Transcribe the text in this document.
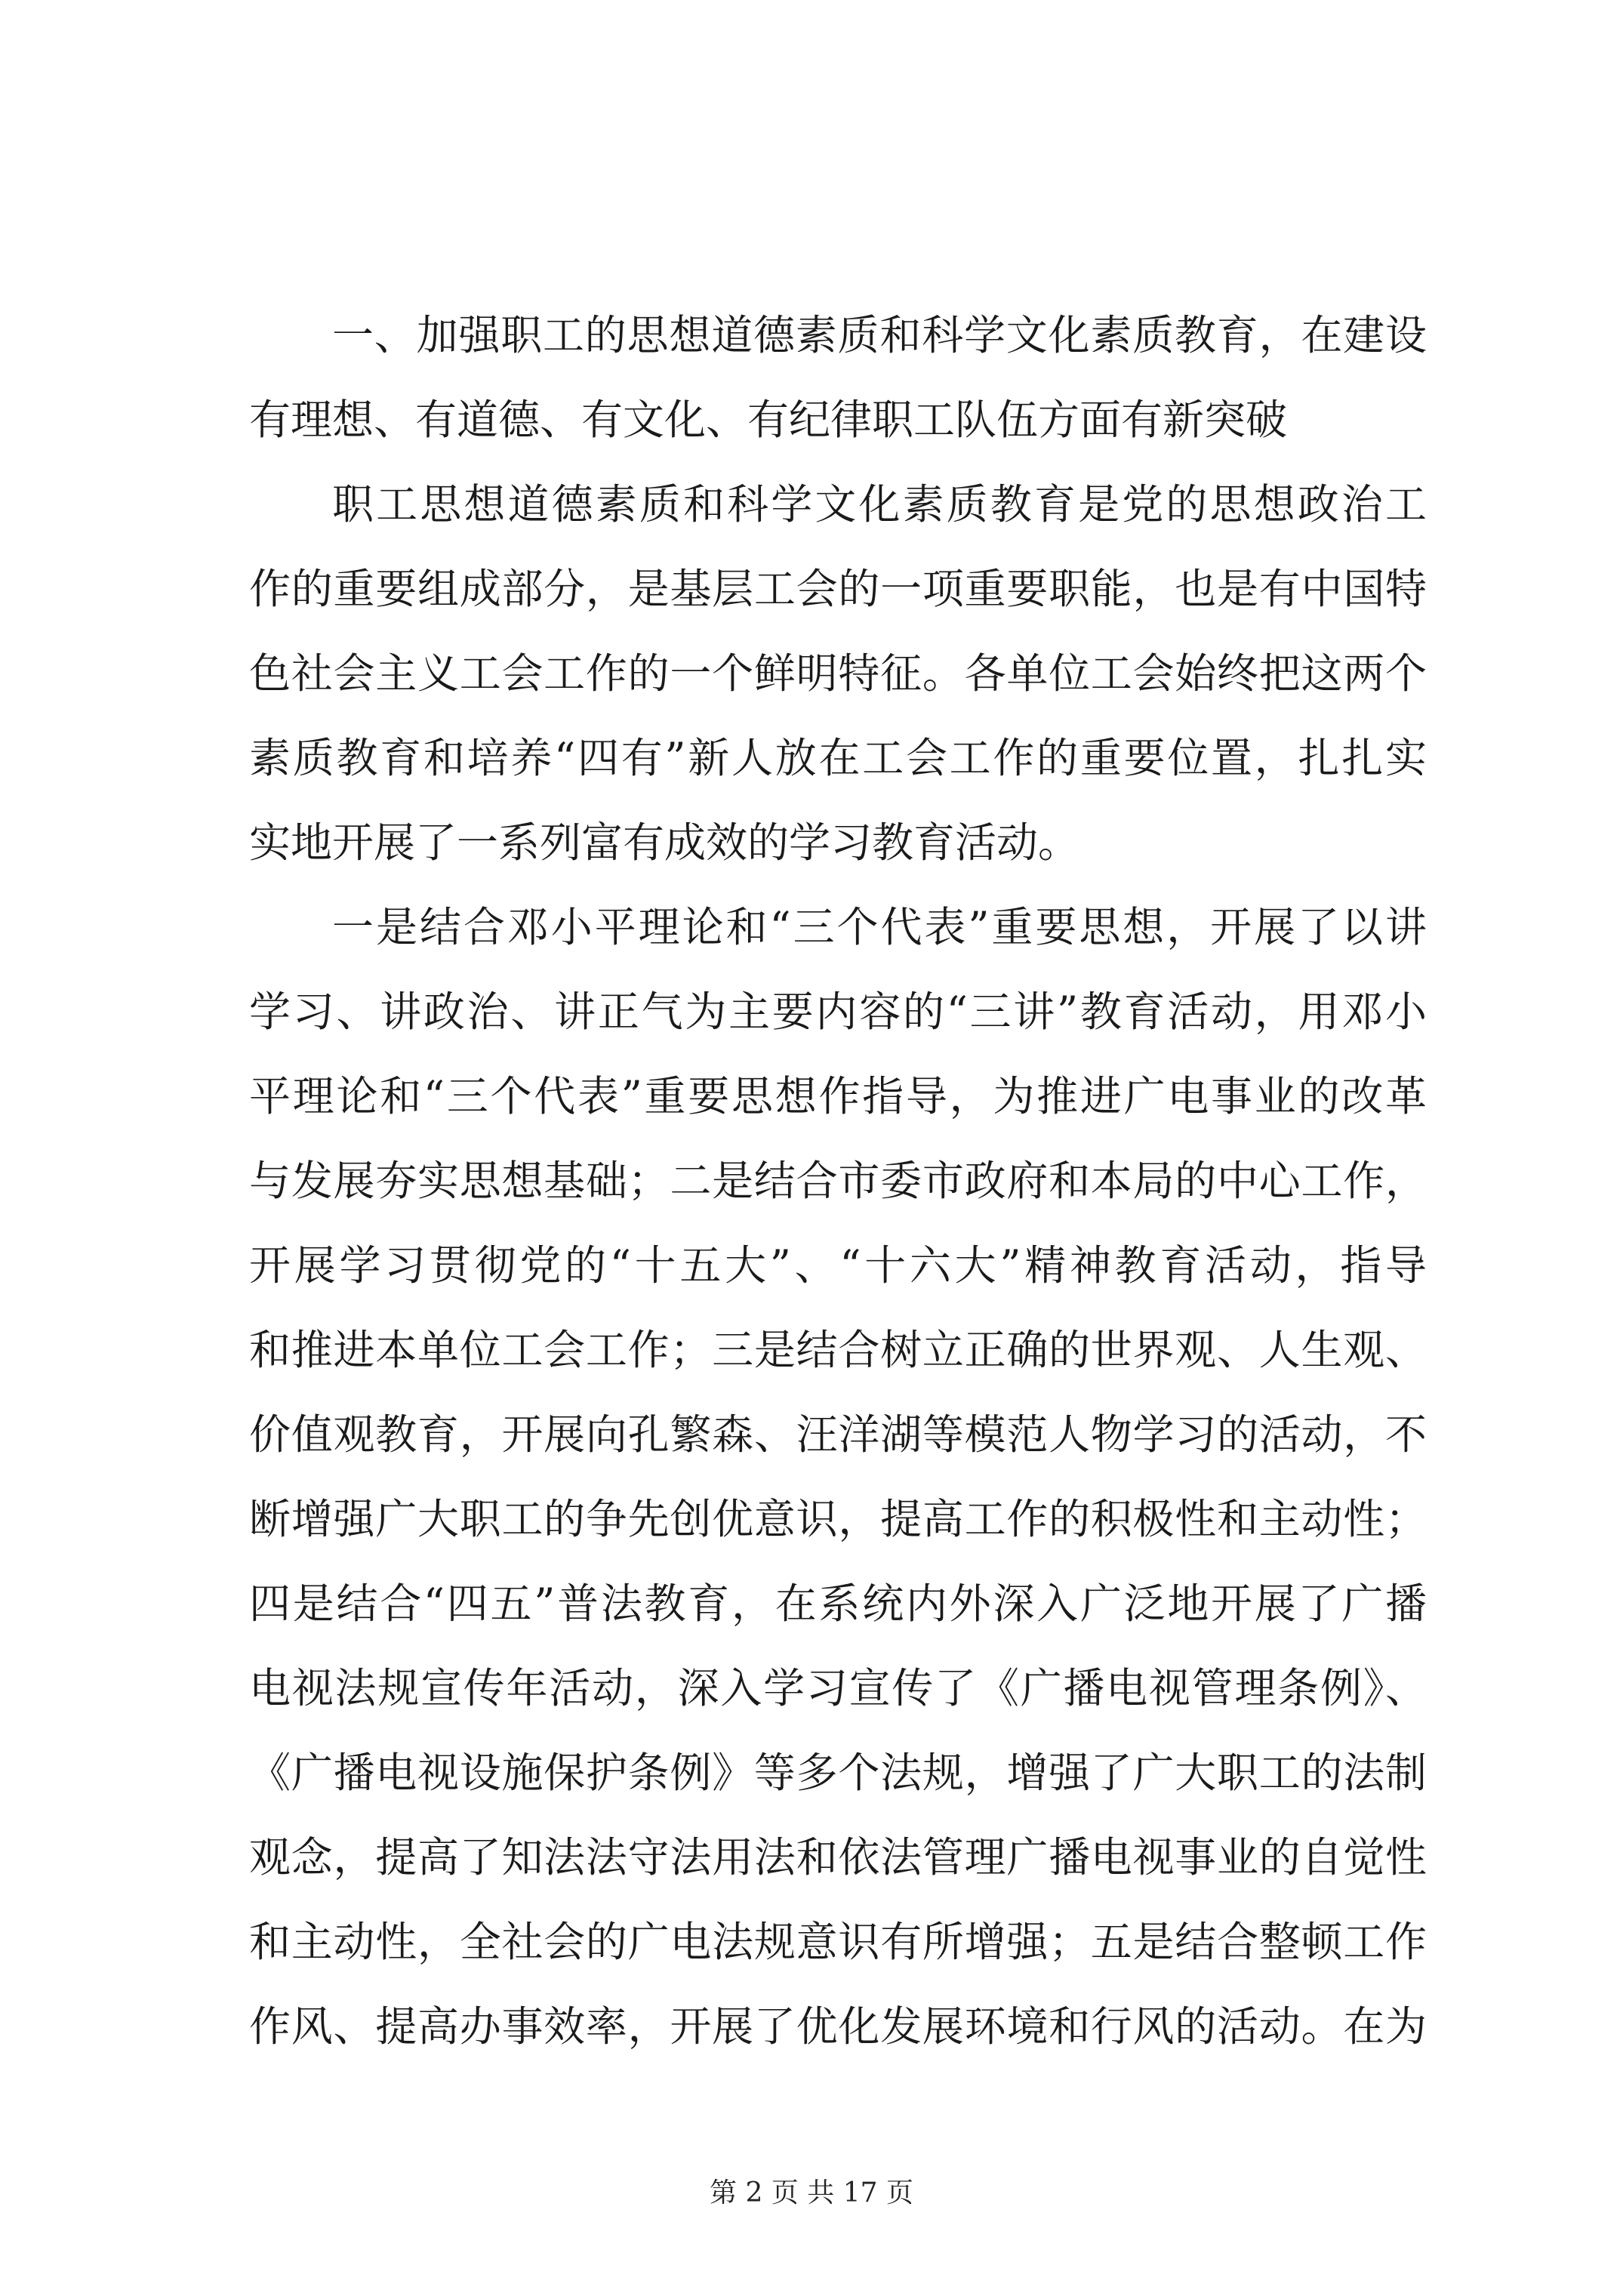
一、加强职工的思想道德素质和科学文化素质教育，在建设
有理想、有道德、有文化、有纪律职工队伍方面有新突破
职工思想道德素质和科学文化素质教育是党的思想政治工
作的重要组成部分，是基层工会的一项重要职能，也是有中国特
色社会主义工会工作的一个鲜明特征。各单位工会始终把这两个
素质教育和培养“四有”新人放在工会工作的重要位置，扎扎实
实地开展了一系列富有成效的学习教育活动。
一是结合邓小平理论和“三个代表”重要思想，开展了以讲
学习、讲政治、讲正气为主要内容的“三讲”教育活动，用邓小
平理论和“三个代表”重要思想作指导，为推进广电事业的改革
与发展夯实思想基础；二是结合市委市政府和本局的中心工作，
开展学习贯彻党的“十五大”、“十六大”精神教育活动，指导
和推进本单位工会工作；三是结合树立正确的世界观、人生观、
价值观教育，开展向孔繁森、汪洋湖等模范人物学习的活动，不
断增强广大职工的争先创优意识，提高工作的积极性和主动性；
四是结合“四五”普法教育，在系统内外深入广泛地开展了广播
电视法规宣传年活动，深入学习宣传了《广播电视管理条例》、
《广播电视设施保护条例》等多个法规，增强了广大职工的法制
观念，提高了知法法守法用法和依法管理广播电视事业的自觉性
和主动性，全社会的广电法规意识有所增强；五是结合整顿工作
作风、提高办事效率，开展了优化发展环境和行风的活动。在为
第 2 页 共 17 页
